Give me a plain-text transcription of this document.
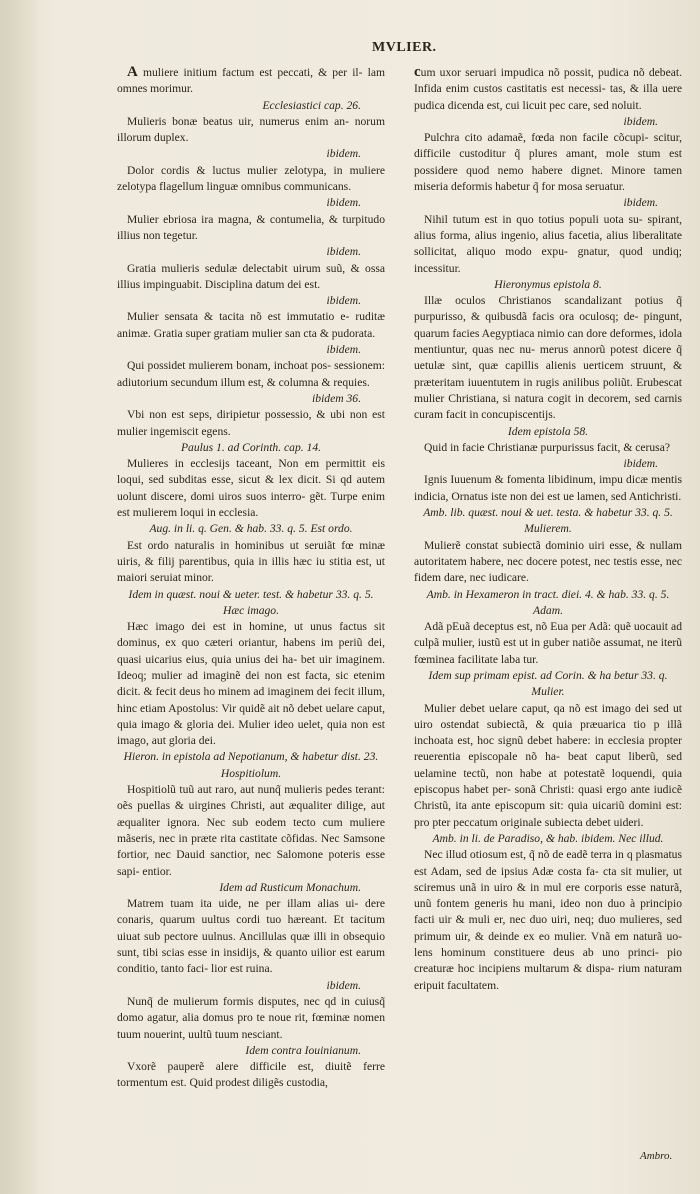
MVLIER.

A muliere initium factum est peccati, & per il- lam omnes morimur.

Ecclesiastici cap. 26.

Mulieris bonæ beatus uir, numerus enim an- norum illorum duplex.

ibidem.

Dolor cordis & luctus mulier zelotypa, in muliere zelotypa flagellum linguæ omnibus communicans.

ibidem.

Mulier ebriosa ira magna, & contumelia, & turpitudo illius non tegetur.

ibidem.

Gratia mulieris sedulæ delectabit uirum suũ, & ossa illius impinguabit. Disciplina datum dei est.

ibidem.

Mulier sensata & tacita nõ est immutatio e- ruditæ animæ. Gratia super gratiam mulier san cta & pudorata.

ibidem.

Qui possidet mulierem bonam, inchoat pos- sessionem: adiutorium secundum illum est, & columna & requies.

ibidem 36.

Vbi non est seps, diripietur possessio, & ubi non est mulier ingemiscit egens.

Paulus 1. ad Corinth. cap. 14.

Mulieres in ecclesijs taceant, Non em permittit eis loqui, sed subditas esse, sicut & lex dicit. Si qd autem uolunt discere, domi uiros suos interro- gẽt. Turpe enim est mulierem loqui in ecclesia.

Aug. in li. q. Gen. & hab. 33. q. 5. Est ordo.

Est ordo naturalis in hominibus ut seruiãt fœ minæ uiris, & filij parentibus, quia in illis hæc iu stitia est, ut maiori seruiat minor.

Idem in quæst. noui & ueter. test. & habetur 33. q. 5. Hæc imago.

Hæc imago dei est in homine, ut unus factus sit dominus, ex quo cæteri oriantur, habens im periũ dei, quasi uicarius eius, quia unius dei ha- bet uir imaginem. Ideoq; mulier ad imaginẽ dei non est facta, sic etenim dicit. & fecit deus ho minem ad imaginem dei fecit illum, hinc etiam Apostolus: Vir quidẽ ait nõ debet uelare caput, quia imago & gloria dei. Mulier ideo uelet, quia non est imago, aut gloria dei.

Hieron. in epistola ad Nepotianum, & habetur dist. 23. Hospitiolum.

Hospitiolũ tuũ aut raro, aut nunq̃ mulieris pedes terant: oẽs puellas & uirgines Christi, aut æqualiter dilige, aut æqualiter ignora. Nec sub eodem tecto cum muliere mãseris, nec in præte rita castitate cõfidas. Nec Samsone fortior, nec Dauid sanctior, nec Salomone poteris esse sapi- entior.

Idem ad Rusticum Monachum.

Matrem tuam ita uide, ne per illam alias ui- dere conaris, quarum uultus cordi tuo hæreant. Et tacitum uiuat sub pectore uulnus. Ancillulas quæ illi in obsequio sunt, tibi scias esse in insidijs, & quanto uilior est earum conditio, tanto faci- lior est ruina.

ibidem.

Nunq̃ de mulierum formis disputes, nec qd in cuiusq̃ domo agatur, alia domus pro te noue rit, fœminæ nomen tuum nouerint, uultũ tuum nesciant.

Idem contra Iouinianum.

Vxorẽ pauperẽ alere difficile est, diuitẽ ferre tormentum est. Quid prodest diligẽs custodia,

cum uxor seruari impudica nõ possit, pudica nõ debeat. Infida enim custos castitatis est necessi- tas, & illa uere pudica dicenda est, cui licuit pec care, sed noluit.

ibidem.

Pulchra cito adamaẽ, fœda non facile cõcupi- scitur, difficile custoditur q̃ plures amant, mole stum est possidere quod nemo habere dignet. Minore tamen miseria deformis habetur q̃ for mosa seruatur.

ibidem.

Nihil tutum est in quo totius populi uota su- spirant, alius forma, alius ingenio, alius facetia, alius liberalitate sollicitat, aliquo modo expu- gnatur, quod undiq; incessitur.

Hieronymus epistola 8.

Illæ oculos Christianos scandalizant potius q̃ purpurisso, & quibusdã facis ora oculosq; de- pingunt, quarum facies Aegyptiaca nimio can dore deformes, idola mentiuntur, quas nec nu- merus annorũ potest dicere q̃ uetulæ sint, quæ capillis alienis uerticem struunt, & præteritam iuuentutem in rugis anilibus poliũt. Erubescat mulier Christiana, si natura cogit in decorem, sed carnis curam facit in concupiscentijs.

Idem epistola 58.

Quid in facie Christianæ purpurissus facit, & cerusa?

ibidem.

Ignis Iuuenum & fomenta libidinum, impu dicæ mentis indicia, Ornatus iste non dei est ue lamen, sed Antichristi.

Amb. lib. quæst. noui & uet. testa. & habetur 33. q. 5. Mulierem.

Mulierẽ constat subiectã dominio uiri esse, & nullam autoritatem habere, nec docere potest, nec testis esse, nec fidem dare, nec iudicare.

Amb. in Hexameron in tract. diei. 4. & hab. 33. q. 5. Adam.

Adã pEuã deceptus est, nõ Eua per Adã: quẽ uocauit ad culpã mulier, iustũ est ut in guber natiõe assumat, ne iterũ fœminea facilitate laba tur.

Idem sup primam epist. ad Corin. & ha betur 33. q. Mulier.

Mulier debet uelare caput, qa nõ est imago dei sed ut uiro ostendat subiectã, & quia præuarica tio p illã inchoata est, hoc signũ debet habere: in ecclesia propter reuerentia episcopale nõ ha- beat caput liberũ, sed uelamine tectũ, non habe at potestatẽ loquendi, quia episcopus habet per- sonã Christi: quasi ergo ante iudicẽ Christũ, ita ante episcopum sit: quia uicariũ domini est: pro pter peccatum originale subiecta debet uideri.

Amb. in li. de Paradiso, & hab. ibidem. Nec illud.

Nec illud otiosum est, q̃ nõ de eadẽ terra in q plasmatus est Adam, sed de ipsius Adæ costa fa- cta sit mulier, ut sciremus unã in uiro & in mul ere corporis esse naturã, unũ fontem generis hu mani, ideo non duo à principio facti uir & muli er, nec duo uiri, neq; duo mulieres, sed primum uir, & deinde ex eo mulier. Vnã em naturã uo- lens hominum constituere deus ab uno princi- pio creaturæ hoc incipiens multarum & dispa- rium naturam eripuit facultatem.

Ambro.
